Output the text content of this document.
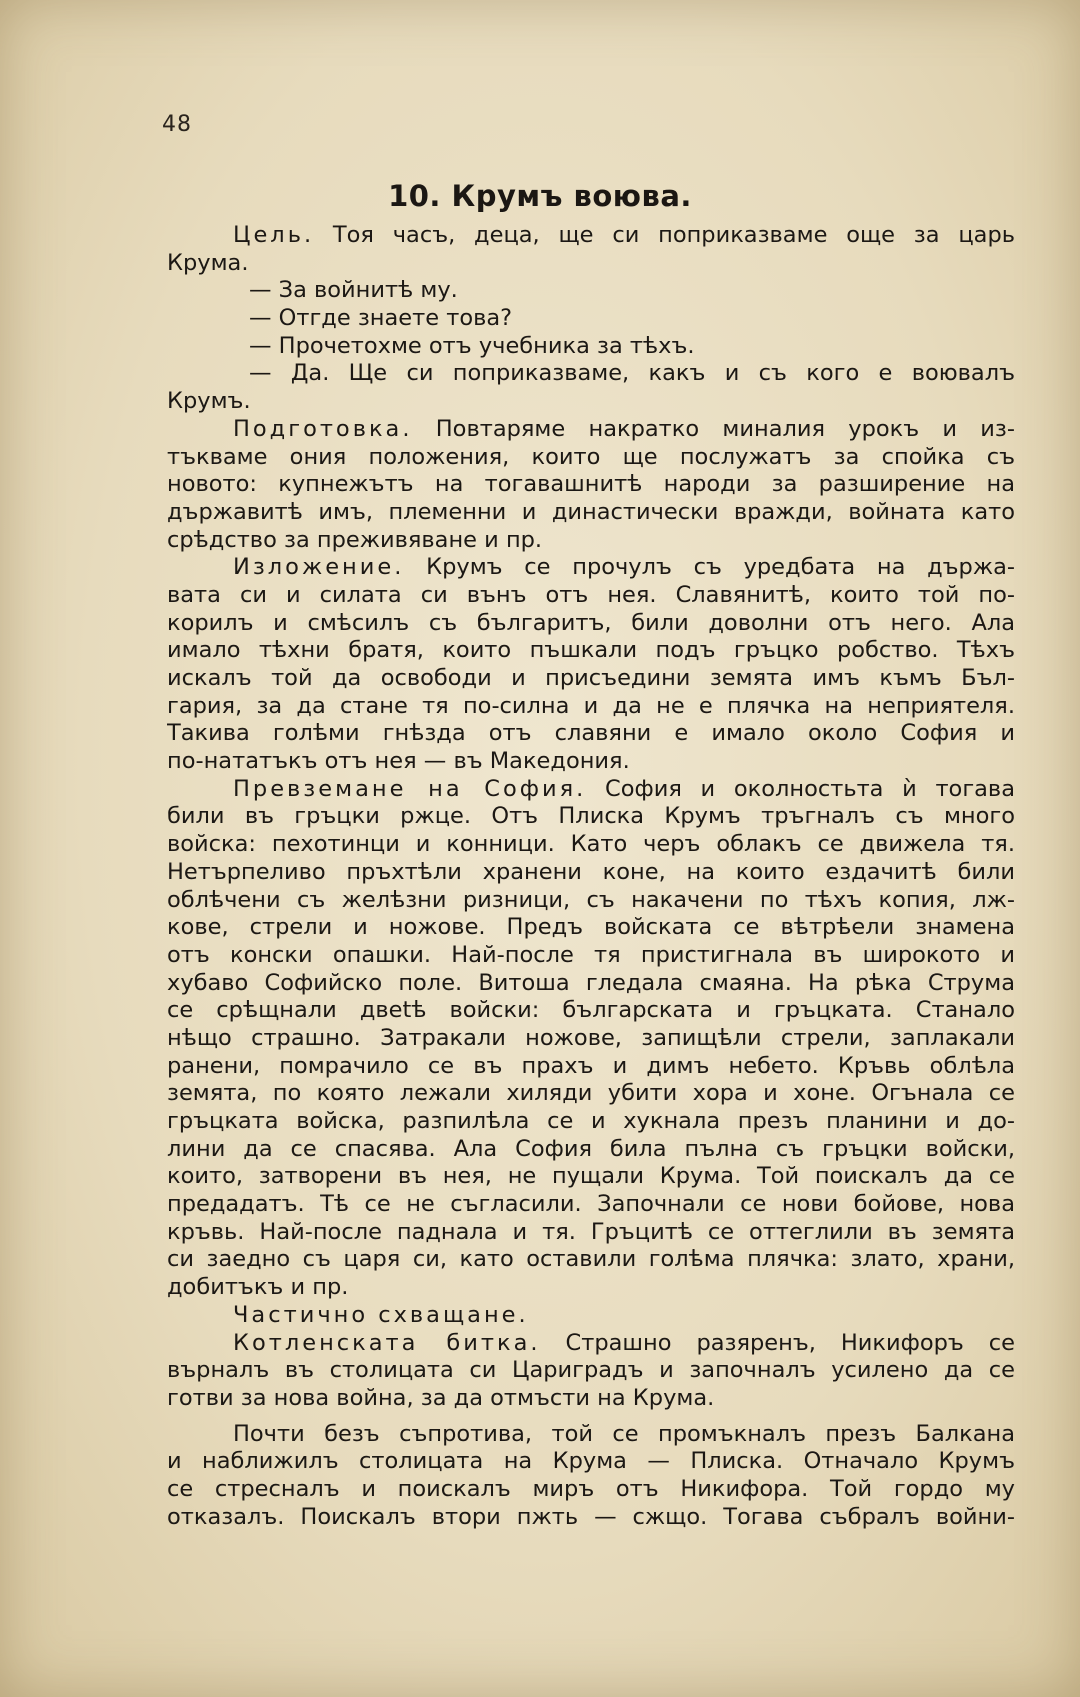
48
10. Крумъ воюва.
Цель. Тоя часъ, деца, ще си поприказваме още за царь
Крума.
— За войнитѣ му.
— Отгде знаете това?
— Прочетохме отъ учебника за тѣхъ.
— Да. Ще си поприказваме, какъ и съ кого е воювалъ
Крумъ.
Подготовка. Повтаряме накратко миналия урокъ и из-
тъкваме ония положения, които ще послужатъ за спойка съ
новото: купнежътъ на тогавашнитѣ народи за разширение на
държавитѣ имъ, племенни и династически вражди, войната като
срѣдство за преживяване и пр.
Изложение. Крумъ се прочулъ съ уредбата на държа-
вата си и силата си вънъ отъ нея. Славянитѣ, които той по-
корилъ и смѣсилъ съ българитъ, били доволни отъ него. Ала
имало тѣхни братя, които пъшкали подъ гръцко робство. Тѣхъ
искалъ той да освободи и присъедини земята имъ къмъ Бъл-
гария, за да стане тя по-силна и да не е плячка на неприятеля.
Такива голѣми гнѣзда отъ славяни е имало около София и
по-нататъкъ отъ нея — въ Македония.
Превземане на София. София и околностьта ѝ тогава
били въ гръцки ржце. Отъ Плиска Крумъ тръгналъ съ много
войска: пехотинци и конници. Като черъ облакъ се движела тя.
Нетърпеливо пръхтѣли хранени коне, на които ездачитѣ били
облѣчени съ желѣзни ризници, съ накачени по тѣхъ копия, лж-
кове, стрели и ножове. Предъ войската се вѣтрѣели знамена
отъ конски опашки. Най-после тя пристигнала въ широкото и
хубаво Софийско поле. Витоша гледала смаяна. На рѣка Струма
се срѣщнали двеtѣ войски: българската и гръцката. Станало
нѣщо страшно. Затракали ножове, запищѣли стрели, заплакали
ранени, помрачило се въ прахъ и димъ небето. Кръвь облѣла
земята, по която лежали хиляди убити хора и хоне. Огънала се
гръцката войска, разпилѣла се и хукнала презъ планини и до-
лини да се спасява. Ала София била пълна съ гръцки войски,
които, затворени въ нея, не пущали Крума. Той поискалъ да се
предадатъ. Тѣ се не съгласили. Започнали се нови бойове, нова
кръвь. Най-после паднала и тя. Гръцитѣ се оттеглили въ земята
си заедно съ царя си, като оставили голѣма плячка: злато, храни,
добитъкъ и пр.
Частично схващане.
Котленската битка. Страшно разяренъ, Никифоръ се
върналъ въ столицата си Цариградъ и започналъ усилено да се
готви за нова война, за да отмъсти на Крума.
Почти безъ съпротива, той се промъкналъ презъ Балкана
и наближилъ столицата на Крума — Плиска. Отначало Крумъ
се стресналъ и поискалъ миръ отъ Никифора. Той гордо му
отказалъ. Поискалъ втори пжть — сжщо. Тогава събралъ войни-
